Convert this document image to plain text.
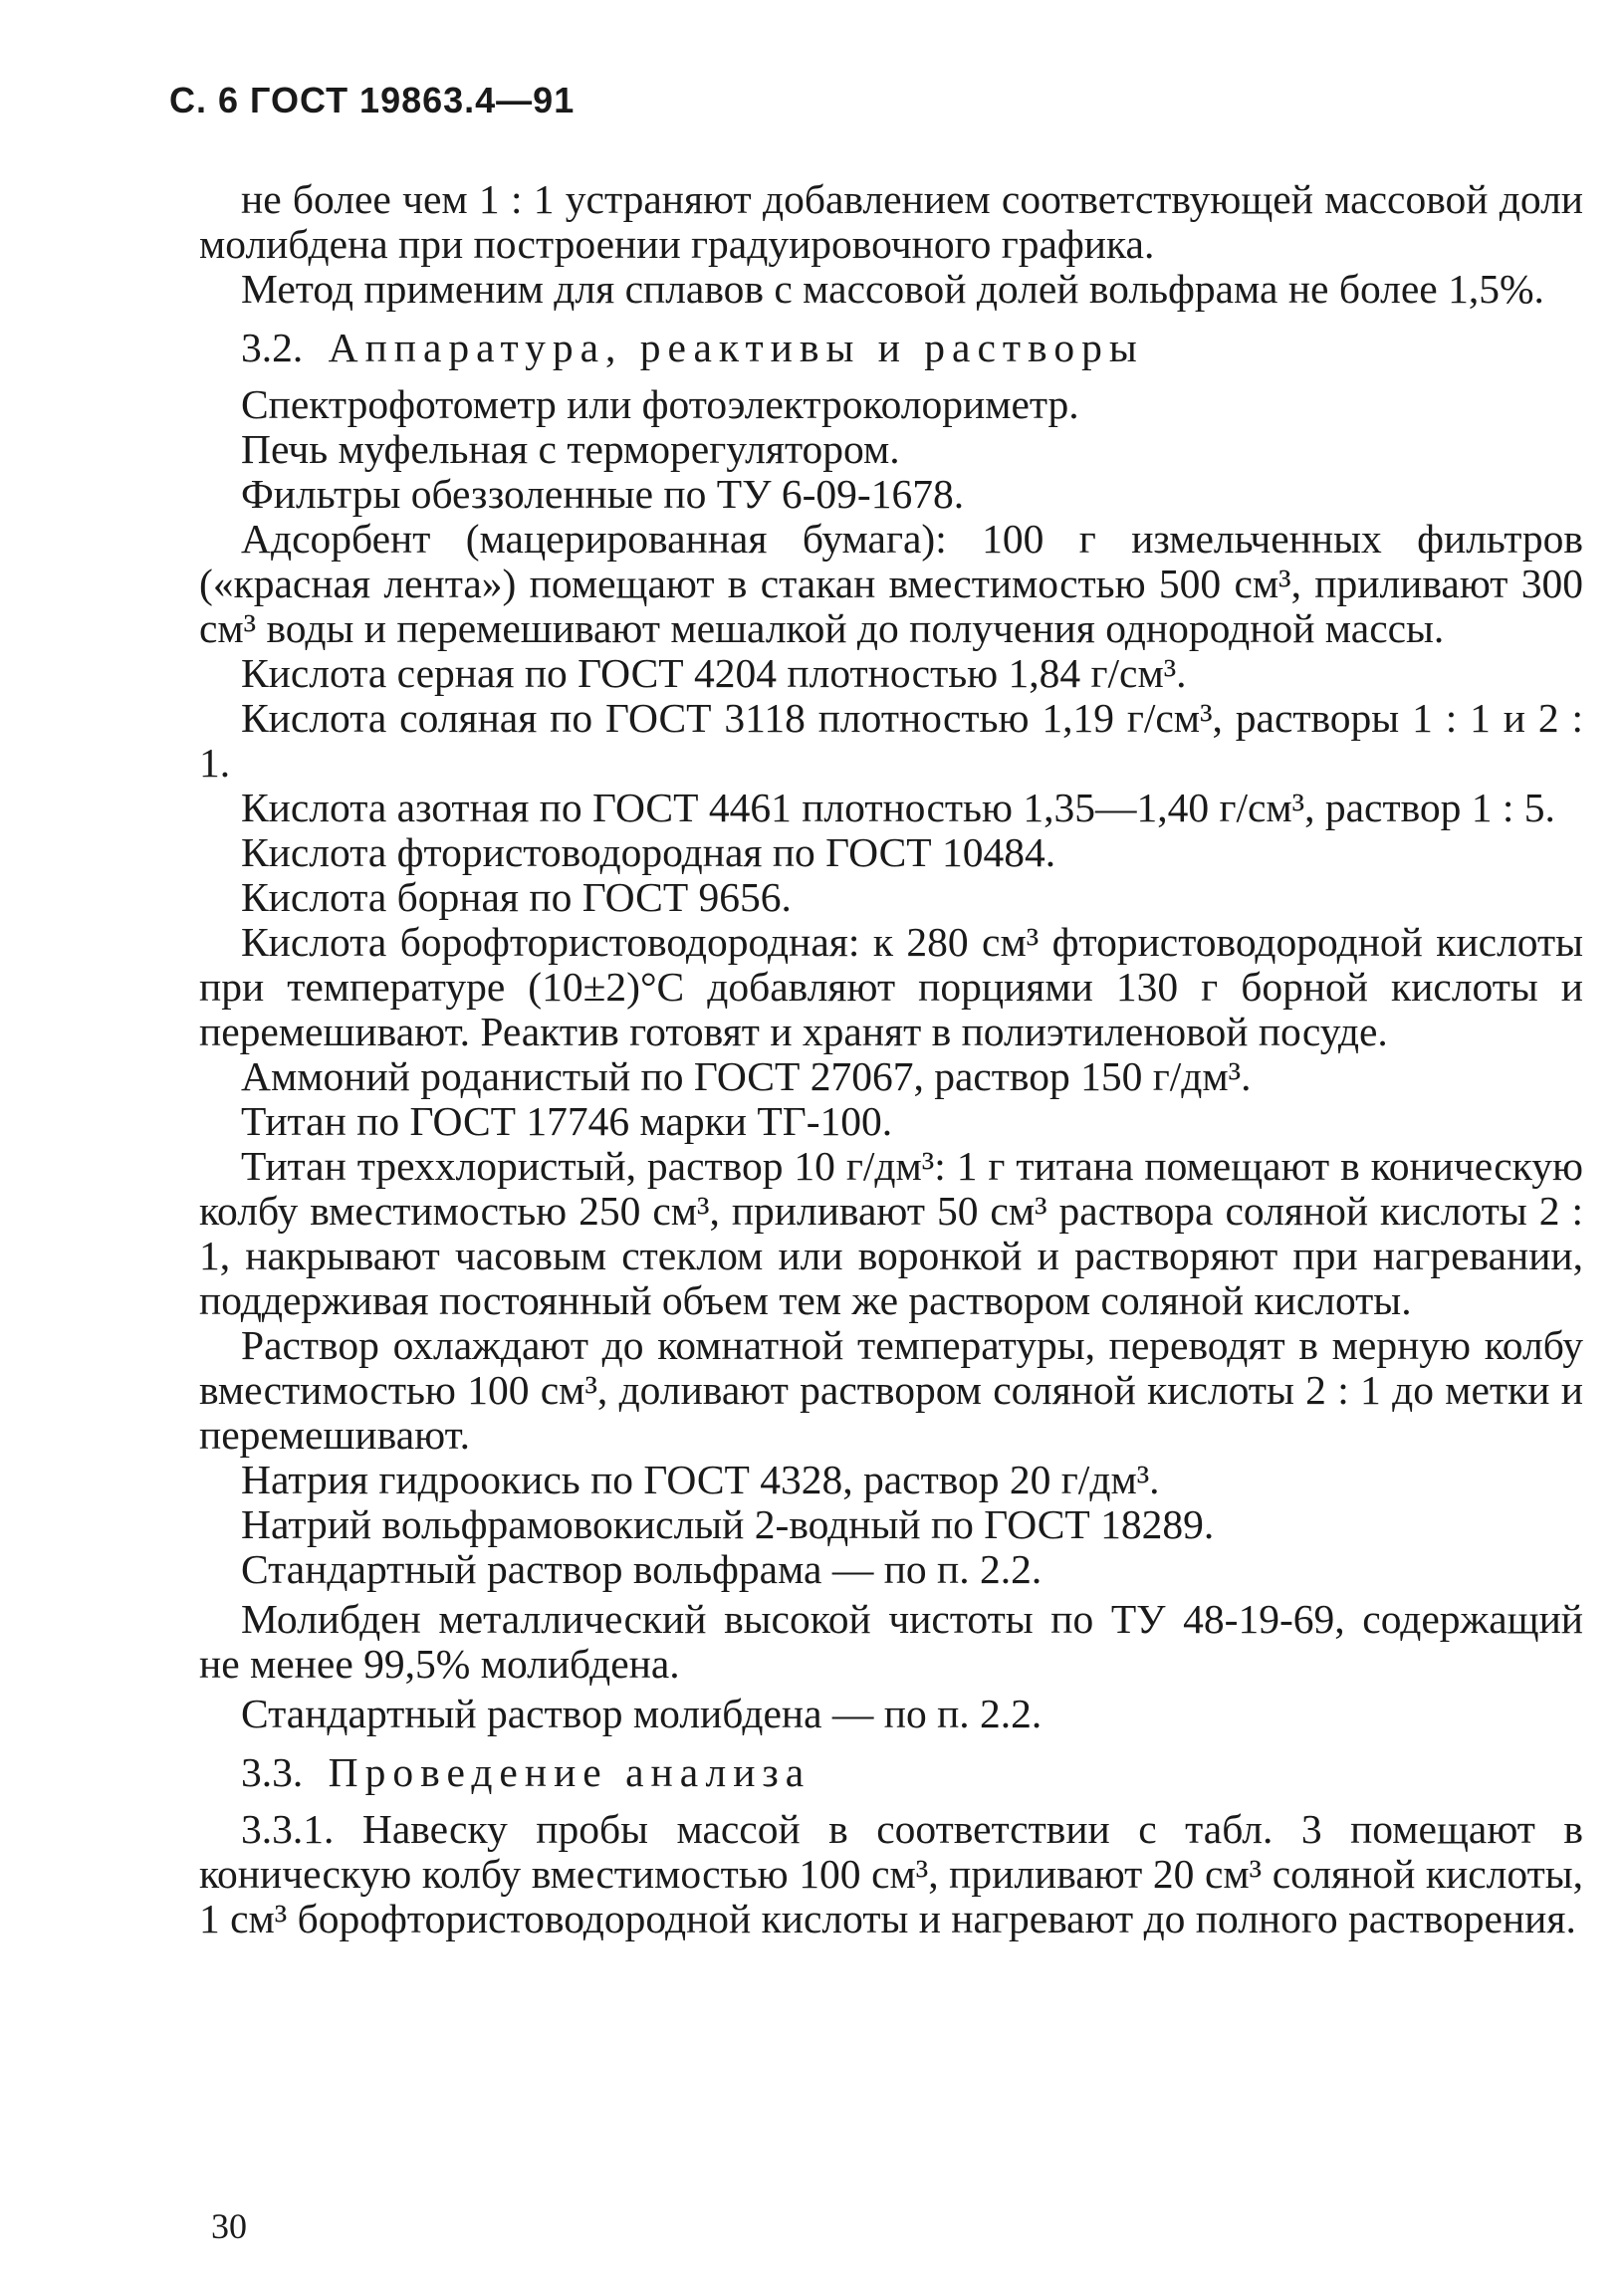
С. 6 ГОСТ 19863.4—91

не более чем 1 : 1 устраняют добавлением соответствующей массовой доли молибдена при построении градуировочного графика.

Метод применим для сплавов с массовой долей вольфрама не более 1,5%.

3.2. Аппаратура, реактивы и растворы

Спектрофотометр или фотоэлектроколориметр.

Печь муфельная с терморегулятором.

Фильтры обеззоленные по ТУ 6-09-1678.

Адсорбент (мацерированная бумага): 100 г измельченных фильтров («красная лента») помещают в стакан вместимостью 500 см³, приливают 300 см³ воды и перемешивают мешалкой до получения однородной массы.

Кислота серная по ГОСТ 4204 плотностью 1,84 г/см³.

Кислота соляная по ГОСТ 3118 плотностью 1,19 г/см³, растворы 1 : 1 и 2 : 1.

Кислота азотная по ГОСТ 4461 плотностью 1,35—1,40 г/см³, раствор 1 : 5.

Кислота фтористоводородная по ГОСТ 10484.

Кислота борная по ГОСТ 9656.

Кислота борофтористоводородная: к 280 см³ фтористоводородной кислоты при температуре (10±2)°С добавляют порциями 130 г борной кислоты и перемешивают. Реактив готовят и хранят в полиэтиленовой посуде.

Аммоний роданистый по ГОСТ 27067, раствор 150 г/дм³.

Титан по ГОСТ 17746 марки ТГ-100.

Титан треххлористый, раствор 10 г/дм³: 1 г титана помещают в коническую колбу вместимостью 250 см³, приливают 50 см³ раствора соляной кислоты 2 : 1, накрывают часовым стеклом или воронкой и растворяют при нагревании, поддерживая постоянный объем тем же раствором соляной кислоты.

Раствор охлаждают до комнатной температуры, переводят в мерную колбу вместимостью 100 см³, доливают раствором соляной кислоты 2 : 1 до метки и перемешивают.

Натрия гидроокись по ГОСТ 4328, раствор 20 г/дм³.

Натрий вольфрамовокислый 2-водный по ГОСТ 18289.

Стандартный раствор вольфрама — по п. 2.2.

Молибден металлический высокой чистоты по ТУ 48-19-69, содержащий не менее 99,5% молибдена.

Стандартный раствор молибдена — по п. 2.2.

3.3. Проведение анализа

3.3.1. Навеску пробы массой в соответствии с табл. 3 помещают в коническую колбу вместимостью 100 см³, приливают 20 см³ соляной кислоты, 1 см³ борофтористоводородной кислоты и нагревают до полного растворения.

30
